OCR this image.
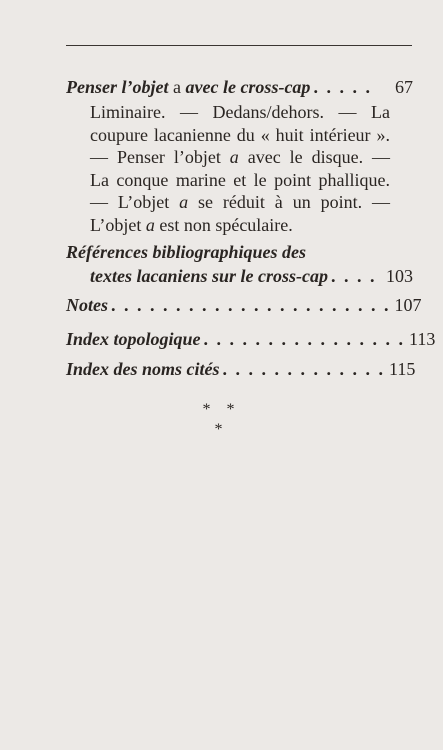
Penser l’objet a avec le cross-cap . . . . .	67
Liminaire. — Dedans/dehors. — La
coupure lacanienne du « huit intérieur ».
— Penser l’objet a avec le disque. —
La conque marine et le point phallique.
— L’objet a se réduit à un point. —
L’objet a est non spéculaire.
Références bibliographiques des
textes lacaniens sur le cross-cap . . . . 103
Notes . . . . . . . . . . . . . . . . . . . . . . 107
Index topologique . . . . . . . . . . . . . . . . 113
Index des noms cités . . . . . . . . . . . . . 115
* *
*
